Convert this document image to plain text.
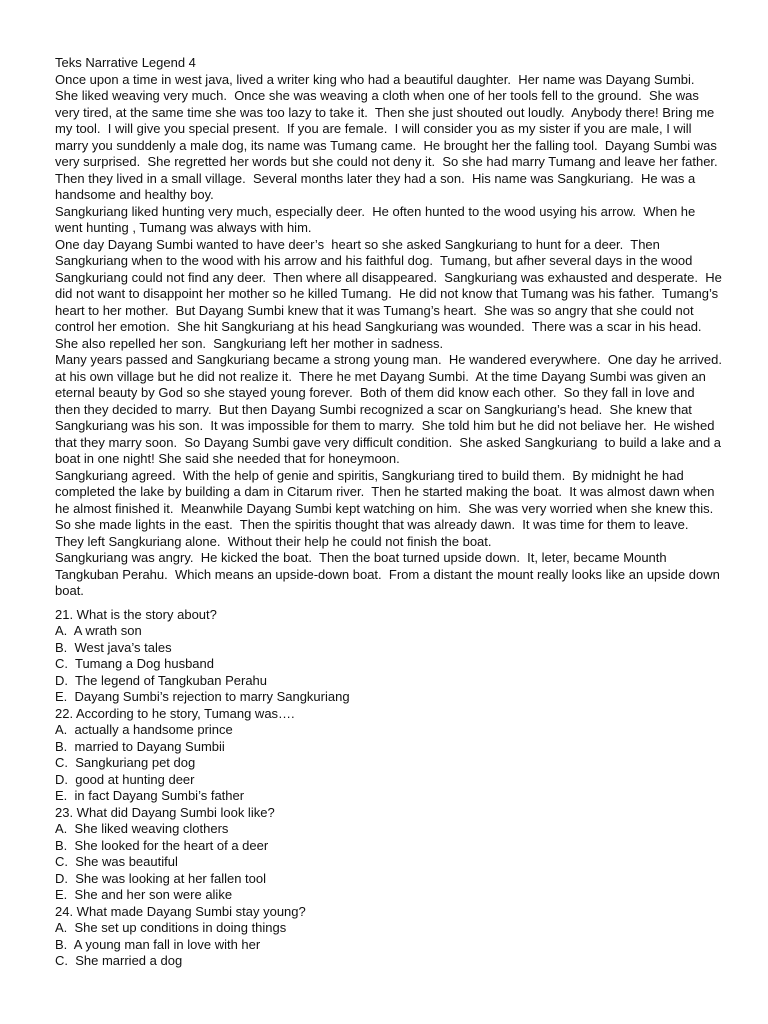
Teks Narrative Legend 4

Once upon a time in west java, lived a writer king who had a beautiful daughter.  Her name was Dayang Sumbi.  She liked weaving very much.  Once she was weaving a cloth when one of her tools fell to the ground.  She was very tired, at the same time she was too lazy to take it.  Then she just shouted out loudly.  Anybody there! Bring me my tool.  I will give you special present.  If you are female.  I will consider you as my sister if you are male, I will marry you sunddenly a male dog, its name was Tumang came.  He brought her the falling tool.  Dayang Sumbi was very surprised.  She regretted her words but she could not deny it.  So she had marry Tumang and leave her father.  Then they lived in a small village.  Several months later they had a son.  His name was Sangkuriang.  He was a handsome and healthy boy.

Sangkuriang liked hunting very much, especially deer.  He often hunted to the wood usying his arrow.  When he went hunting , Tumang was always with him.

One day Dayang Sumbi wanted to have deer’s  heart so she asked Sangkuriang to hunt for a deer.  Then Sangkuriang when to the wood with his arrow and his faithful dog.  Tumang, but afher several days in the wood Sangkuriang could not find any deer.  Then where all disappeared.  Sangkuriang was exhausted and desperate.  He did not want to disappoint her mother so he killed Tumang.  He did not know that Tumang was his father.  Tumang’s  heart to her mother.  But Dayang Sumbi knew that it was Tumang’s heart.  She was so angry that she could not control her emotion.  She hit Sangkuriang at his head Sangkuriang was wounded.  There was a scar in his head.  She also repelled her son.  Sangkuriang left her mother in sadness.

Many years passed and Sangkuriang became a strong young man.  He wandered everywhere.  One day he arrived.  at his own village but he did not realize it.  There he met Dayang Sumbi.  At the time Dayang Sumbi was given an eternal beauty by God so she stayed young forever.  Both of them did know each other.  So they fall in love and then they decided to marry.  But then Dayang Sumbi recognized a scar on Sangkuriang’s head.  She knew that Sangkuriang was his son.  It was impossible for them to marry.  She told him but he did not beliave her.  He wished that they marry soon.  So Dayang Sumbi gave very difficult condition.  She asked Sangkuriang  to build a lake and a boat in one night! She said she needed that for honeymoon.

Sangkuriang agreed.  With the help of genie and spiritis, Sangkuriang tired to build them.  By midnight he had completed the lake by building a dam in Citarum river.  Then he started making the boat.  It was almost dawn when he almost finished it.  Meanwhile Dayang Sumbi kept watching on him.  She was very worried when she knew this.  So she made lights in the east.  Then the spiritis thought that was already dawn.  It was time for them to leave.  They left Sangkuriang alone.  Without their help he could not finish the boat.

Sangkuriang was angry.  He kicked the boat.  Then the boat turned upside down.  It, leter, became Mounth Tangkuban Perahu.  Which means an upside-down boat.  From a distant the mount really looks like an upside down boat.

21. What is the story about?

A.  A wrath son

B.  West java’s tales

C.  Tumang a Dog husband

D.  The legend of Tangkuban Perahu

E.  Dayang Sumbi’s rejection to marry Sangkuriang

22. According to he story, Tumang was….

A.  actually a handsome prince

B.  married to Dayang Sumbii

C.  Sangkuriang pet dog

D.  good at hunting deer

E.  in fact Dayang Sumbi’s father

23. What did Dayang Sumbi look like?

A.  She liked weaving clothers

B.  She looked for the heart of a deer

C.  She was beautiful

D.  She was looking at her fallen tool

E.  She and her son were alike

24. What made Dayang Sumbi stay young?

A.  She set up conditions in doing things

B.  A young man fall in love with her

C.  She married a dog
